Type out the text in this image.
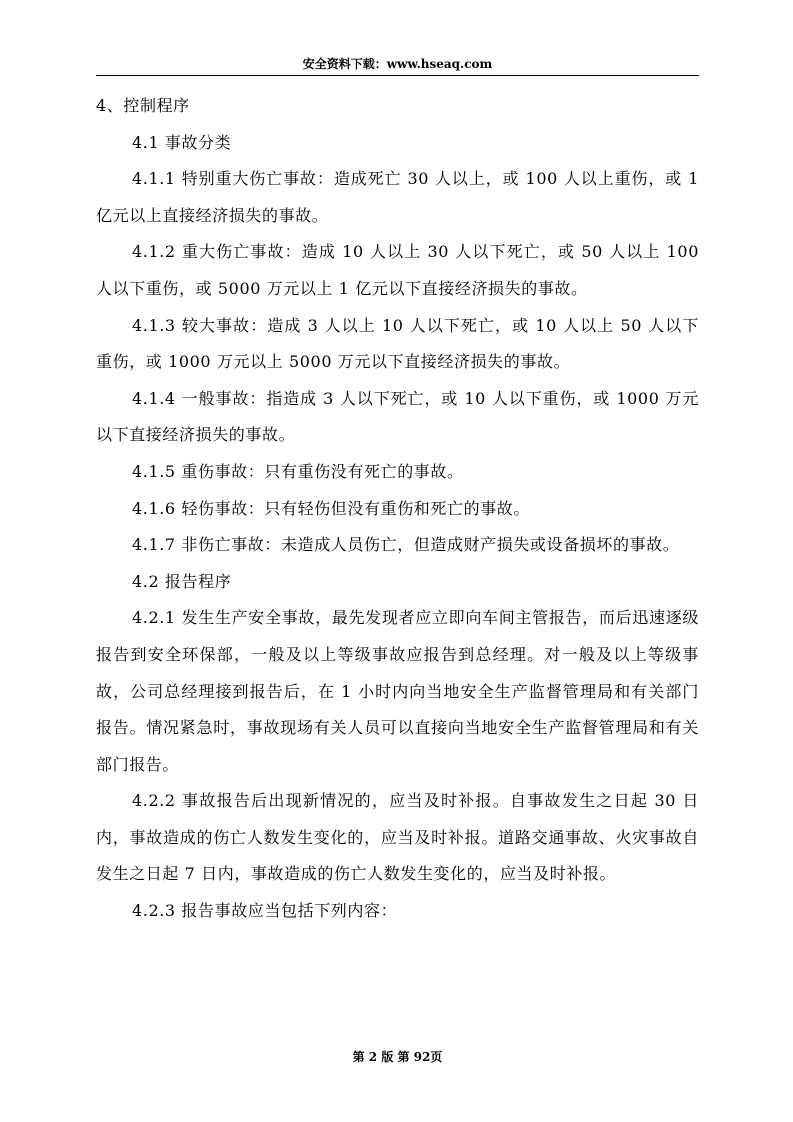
安全资料下载：www.hseaq.com

4、控制程序

4.1 事故分类

4.1.1 特别重大伤亡事故：造成死亡 30 人以上，或 100 人以上重伤，或 1 亿元以上直接经济损失的事故。

4.1.2 重大伤亡事故：造成 10 人以上 30 人以下死亡，或 50 人以上 100 人以下重伤，或 5000 万元以上 1 亿元以下直接经济损失的事故。

4.1.3 较大事故：造成 3 人以上 10 人以下死亡，或 10 人以上 50 人以下重伤，或 1000 万元以上 5000 万元以下直接经济损失的事故。

4.1.4 一般事故：指造成 3 人以下死亡，或 10 人以下重伤，或 1000 万元以下直接经济损失的事故。

4.1.5 重伤事故：只有重伤没有死亡的事故。

4.1.6 轻伤事故：只有轻伤但没有重伤和死亡的事故。

4.1.7 非伤亡事故：未造成人员伤亡，但造成财产损失或设备损坏的事故。

4.2 报告程序

4.2.1 发生生产安全事故，最先发现者应立即向车间主管报告，而后迅速逐级报告到安全环保部，一般及以上等级事故应报告到总经理。对一般及以上等级事故，公司总经理接到报告后，在 1 小时内向当地安全生产监督管理局和有关部门报告。情况紧急时，事故现场有关人员可以直接向当地安全生产监督管理局和有关部门报告。

4.2.2 事故报告后出现新情况的，应当及时补报。自事故发生之日起 30 日内，事故造成的伤亡人数发生变化的，应当及时补报。道路交通事故、火灾事故自发生之日起 7 日内，事故造成的伤亡人数发生变化的，应当及时补报。

4.2.3 报告事故应当包括下列内容：

第 2 版 第 92页
